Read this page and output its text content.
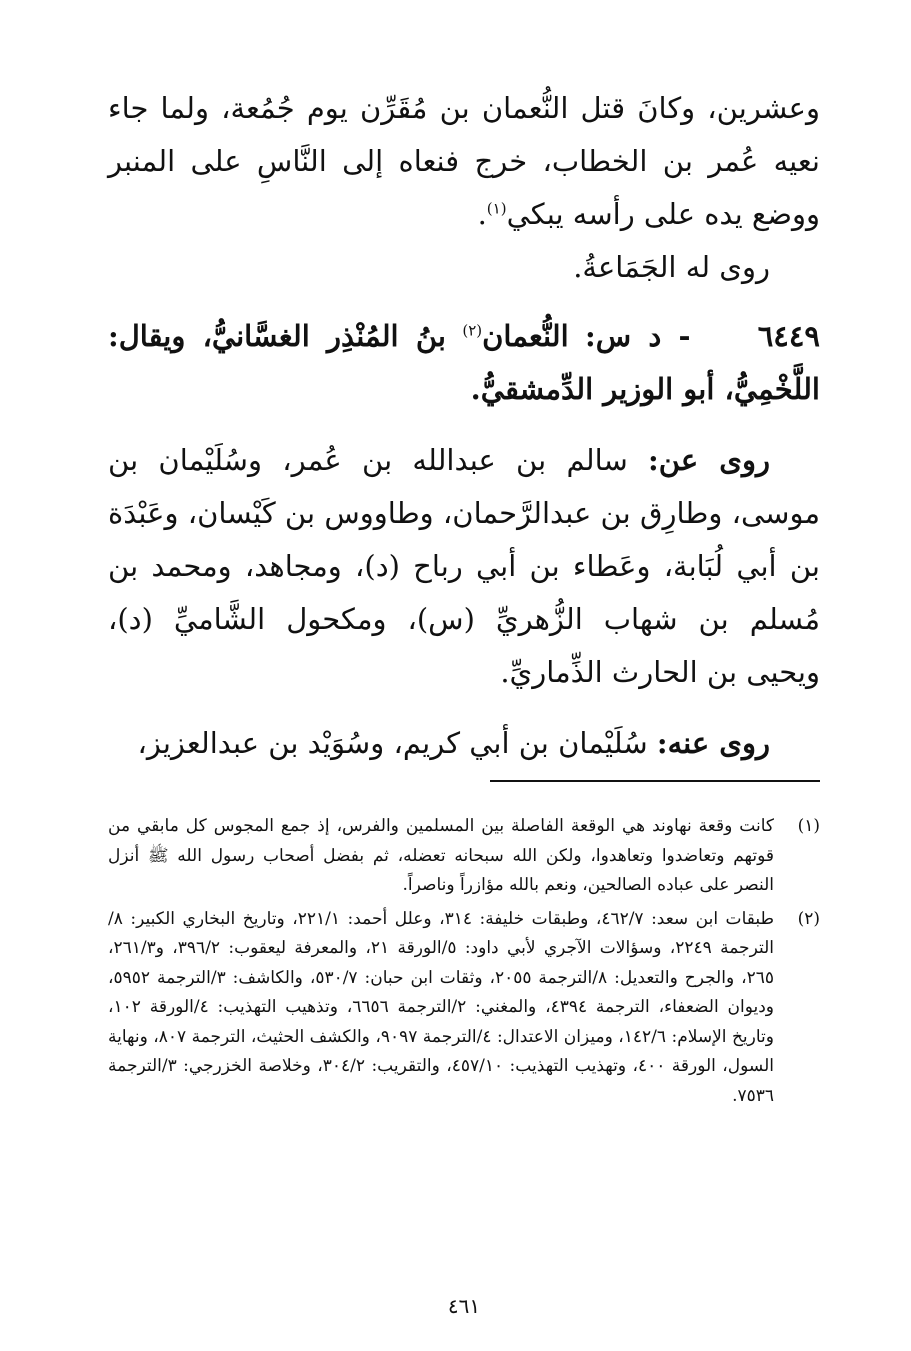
وعشرين، وكانَ قتل النُّعمان بن مُقَرِّن يوم جُمُعة، ولما جاء نعيه عُمر بن الخطاب، خرج فنعاه إلى النَّاسِ على المنبر ووضع يده على رأسه يبكي$^{(١)}$.
روى له الجَمَاعةُ.

٦٤٤٩ - د س: النُّعمان$^{(٢)}$ بنُ المُنْذِر الغسَّانيُّ، ويقال: اللَّخْمِيُّ، أبو الوزير الدِّمشقيُّ.

روى عن: سالم بن عبدالله بن عُمر، وسُلَيْمان بن موسى، وطارِق بن عبدالرَّحمان، وطاووس بن كَيْسان، وعَبْدَة بن أبي لُبَابة، وعَطاء بن أبي رباح (د)، ومجاهد، ومحمد بن مُسلم بن شهاب الزُّهريِّ (س)، ومكحول الشَّاميِّ (د)، ويحيى بن الحارث الذِّماريِّ.

روى عنه: سُلَيْمان بن أبي كريم، وسُوَيْد بن عبدالعزيز،

(١)
كانت وقعة نهاوند هي الوقعة الفاصلة بين المسلمين والفرس، إذ جمع المجوس كل مابقي من قوتهم وتعاضدوا وتعاهدوا، ولكن الله سبحانه تعضله، ثم بفضل أصحاب رسول الله ﷺ أنزل النصر على عباده الصالحين، ونعم بالله مؤازراً وناصراً.
(٢)
طبقات ابن سعد: ٤٦٢/٧، وطبقات خليفة: ٣١٤، وعلل أحمد: ٢٢١/١، وتاريخ البخاري الكبير: ٨/الترجمة ٢٢٤٩، وسؤالات الآجري لأبي داود: ٥/الورقة ٢١، والمعرفة ليعقوب: ٣٩٦/٢، و٢٦١/٣، ٢٦٥، والجرح والتعديل: ٨/الترجمة ٢٠٥٥، وثقات ابن حبان: ٥٣٠/٧، والكاشف: ٣/الترجمة ٥٩٥٢، وديوان الضعفاء، الترجمة ٤٣٩٤، والمغني: ٢/الترجمة ٦٦٥٦، وتذهيب التهذيب: ٤/الورقة ١٠٢، وتاريخ الإسلام: ١٤٢/٦، وميزان الاعتدال: ٤/الترجمة ٩٠٩٧، والكشف الحثيث، الترجمة ٨٠٧، ونهاية السول، الورقة ٤٠٠، وتهذيب التهذيب: ٤٥٧/١٠، والتقريب: ٣٠٤/٢، وخلاصة الخزرجي: ٣/الترجمة ٧٥٣٦.
٤٦١
